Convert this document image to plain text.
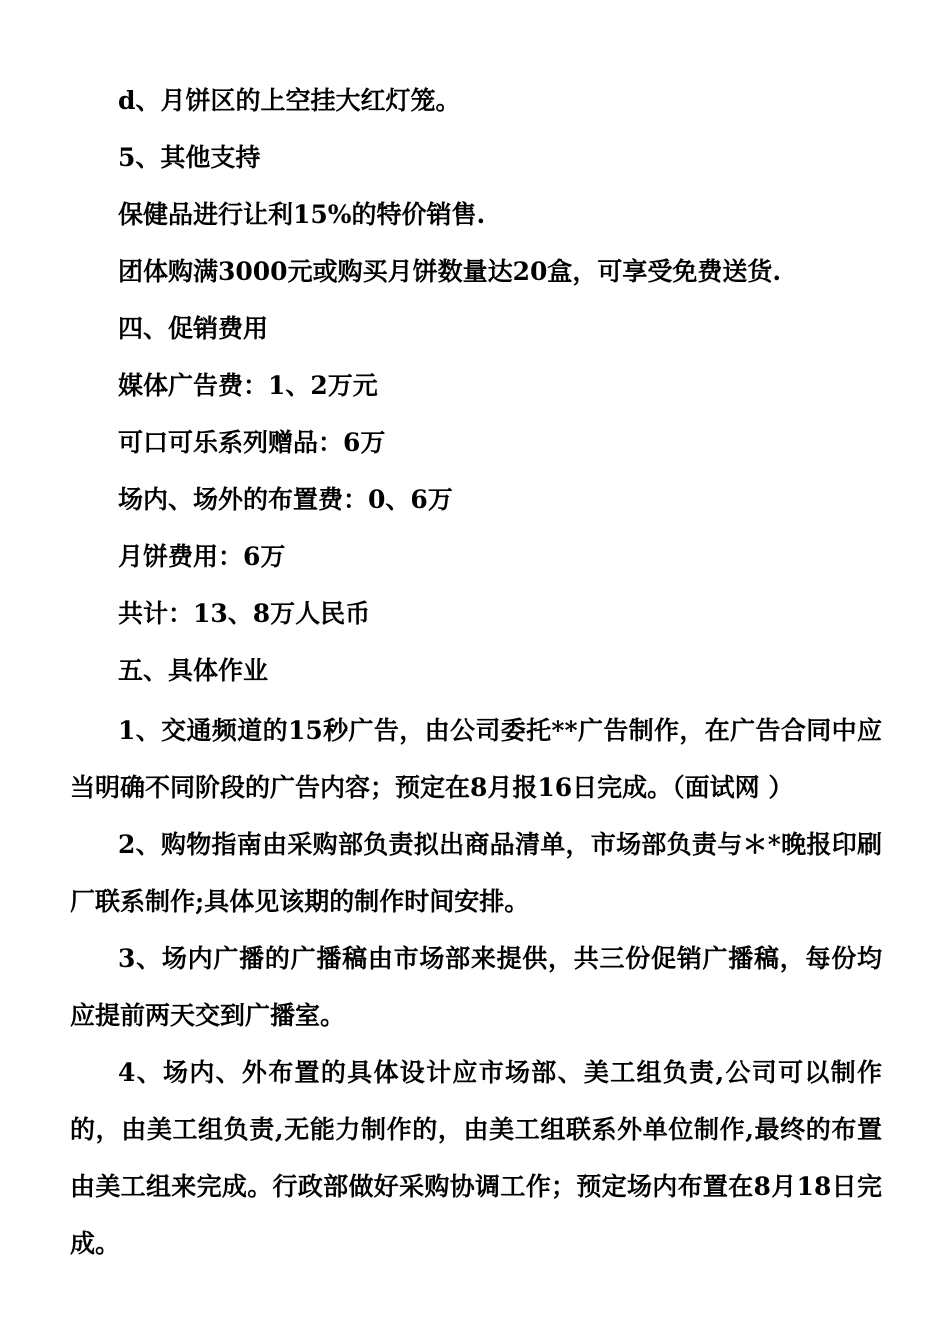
d、月饼区的上空挂大红灯笼。
5、其他支持
保健品进行让利15%的特价销售.
团体购满3000元或购买月饼数量达20盒，可享受免费送货.
四、促销费用
媒体广告费：1、2万元
可口可乐系列赠品：6万
场内、场外的布置费：0、6万
月饼费用：6万
共计：13、8万人民币
五、具体作业
1、交通频道的15秒广告，由公司委托**广告制作，在广告合同中应当明确不同阶段的广告内容；预定在8月报16日完成。（面试网 ）
2、购物指南由采购部负责拟出商品清单，市场部负责与＊*晚报印刷厂联系制作;具体见该期的制作时间安排。
3、场内广播的广播稿由市场部来提供，共三份促销广播稿，每份均应提前两天交到广播室。
4、场内、外布置的具体设计应市场部、美工组负责,公司可以制作的，由美工组负责,无能力制作的，由美工组联系外单位制作,最终的布置由美工组来完成。行政部做好采购协调工作；预定场内布置在8月18日完成。
